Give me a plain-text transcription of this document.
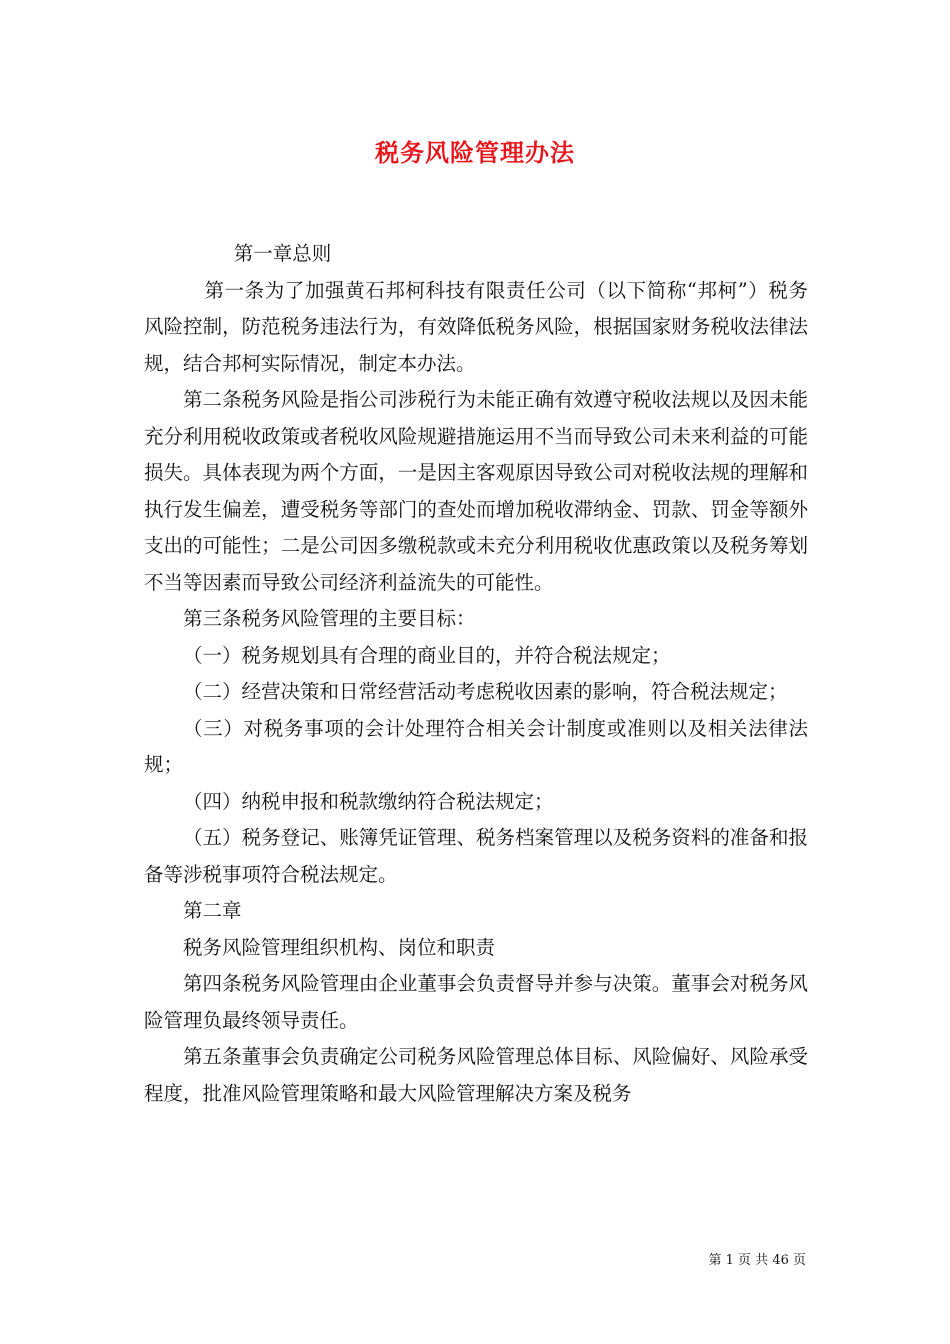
税务风险管理办法

第一章总则

第一条为了加强黄石邦柯科技有限责任公司（以下简称“邦柯”）税务风险控制，防范税务违法行为，有效降低税务风险，根据国家财务税收法律法规，结合邦柯实际情况，制定本办法。

第二条税务风险是指公司涉税行为未能正确有效遵守税收法规以及因未能充分利用税收政策或者税收风险规避措施运用不当而导致公司未来利益的可能损失。具体表现为两个方面，一是因主客观原因导致公司对税收法规的理解和执行发生偏差，遭受税务等部门的查处而增加税收滞纳金、罚款、罚金等额外支出的可能性；二是公司因多缴税款或未充分利用税收优惠政策以及税务筹划不当等因素而导致公司经济利益流失的可能性。

第三条税务风险管理的主要目标：

（一）税务规划具有合理的商业目的，并符合税法规定；

（二）经营决策和日常经营活动考虑税收因素的影响，符合税法规定；

（三）对税务事项的会计处理符合相关会计制度或准则以及相关法律法规；

（四）纳税申报和税款缴纳符合税法规定；

（五）税务登记、账簿凭证管理、税务档案管理以及税务资料的准备和报备等涉税事项符合税法规定。

第二章

税务风险管理组织机构、岗位和职责

第四条税务风险管理由企业董事会负责督导并参与决策。董事会对税务风险管理负最终领导责任。

第五条董事会负责确定公司税务风险管理总体目标、风险偏好、风险承受程度，批准风险管理策略和最大风险管理解决方案及税务

第 1 页 共 46 页
